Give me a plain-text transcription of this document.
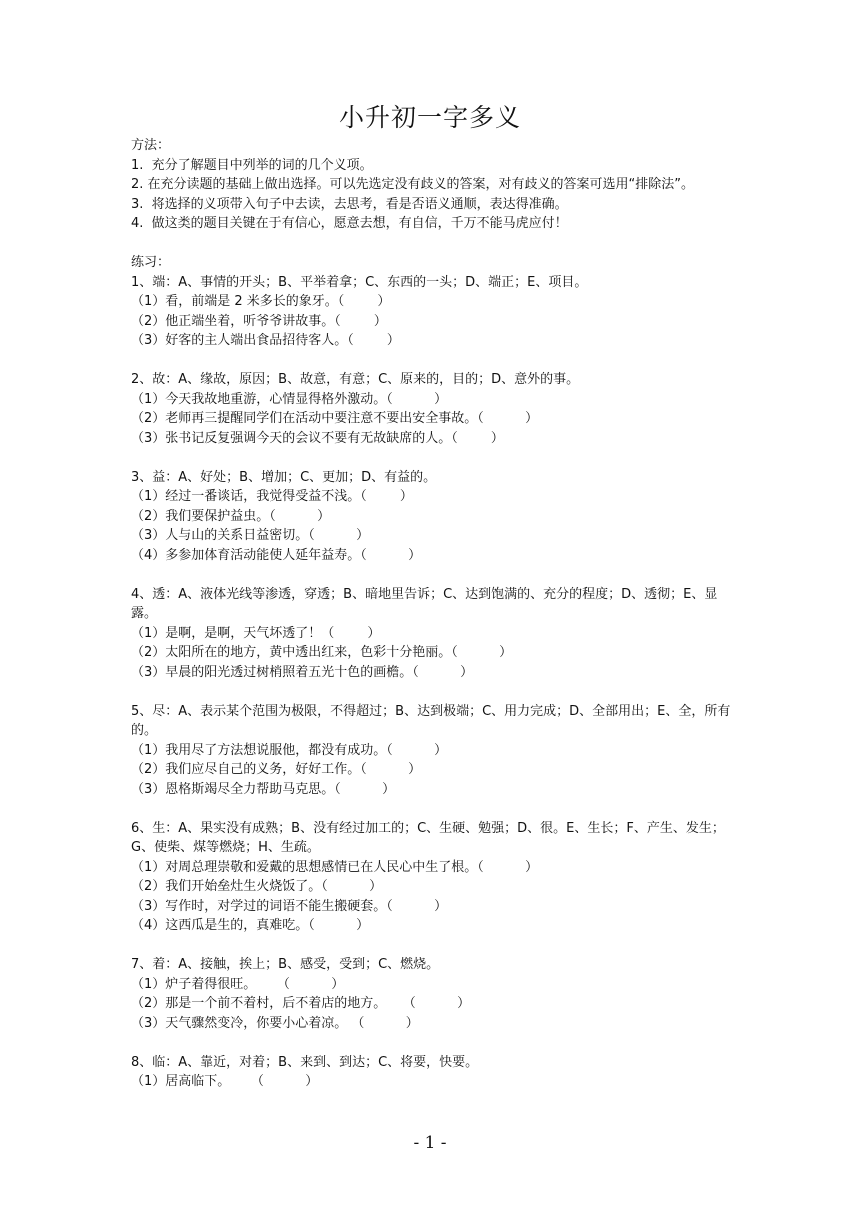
小升初一字多义
方法：
1.  充分了解题目中列举的词的几个义项。
2. 在充分读题的基础上做出选择。可以先选定没有歧义的答案，对有歧义的答案可选用“排除法”。
3.  将选择的义项带入句子中去读，去思考，看是否语义通顺，表达得准确。
4.  做这类的题目关键在于有信心，愿意去想，有自信，千万不能马虎应付！
练习：
1、端：A、事情的开头；B、平举着拿；C、东西的一头；D、端正；E、项目。
（1）看，前端是 2 米多长的象牙。（        ）
（2）他正端坐着，听爷爷讲故事。（        ）
（3）好客的主人端出食品招待客人。（        ）
2、故：A、缘故，原因；B、故意，有意；C、原来的，目的；D、意外的事。
（1）今天我故地重游，心情显得格外激动。（          ）
（2）老师再三提醒同学们在活动中要注意不要出安全事故。（          ）
（3）张书记反复强调今天的会议不要有无故缺席的人。（        ）
3、益：A、好处；B、增加；C、更加；D、有益的。
（1）经过一番谈话，我觉得受益不浅。（        ）
（2）我们要保护益虫。（          ）
（3）人与山的关系日益密切。（          ）
（4）多参加体育活动能使人延年益寿。（          ）
4、透：A、液体光线等渗透，穿透；B、暗地里告诉；C、达到饱满的、充分的程度；D、透彻；E、显露。
（1）是啊，是啊，天气坏透了！（        ）
（2）太阳所在的地方，黄中透出红来，色彩十分艳丽。（          ）
（3）早晨的阳光透过树梢照着五光十色的画檐。（          ）
5、尽：A、表示某个范围为极限，不得超过；B、达到极端；C、用力完成；D、全部用出；E、全，所有的。
（1）我用尽了方法想说服他，都没有成功。（          ）
（2）我们应尽自己的义务，好好工作。（          ）
（3）恩格斯竭尽全力帮助马克思。（          ）
6、生：A、果实没有成熟；B、没有经过加工的；C、生硬、勉强；D、很。E、生长；F、产生、发生；G、使柴、煤等燃烧；H、生疏。
（1）对周总理崇敬和爱戴的思想感情已在人民心中生了根。（          ）
（2）我们开始垒灶生火烧饭了。（          ）
（3）写作时，对学过的词语不能生搬硬套。（          ）
（4）这西瓜是生的，真难吃。（          ）
7、着：A、接触，挨上；B、感受，受到；C、燃烧。
（1）炉子着得很旺。     （          ）
（2）那是一个前不着村，后不着店的地方。    （          ）
（3）天气骤然变冷，你要小心着凉。 （          ）
8、临：A、靠近，对着；B、来到、到达；C、将要，快要。
（1）居高临下。     （          ）
- 1 -
